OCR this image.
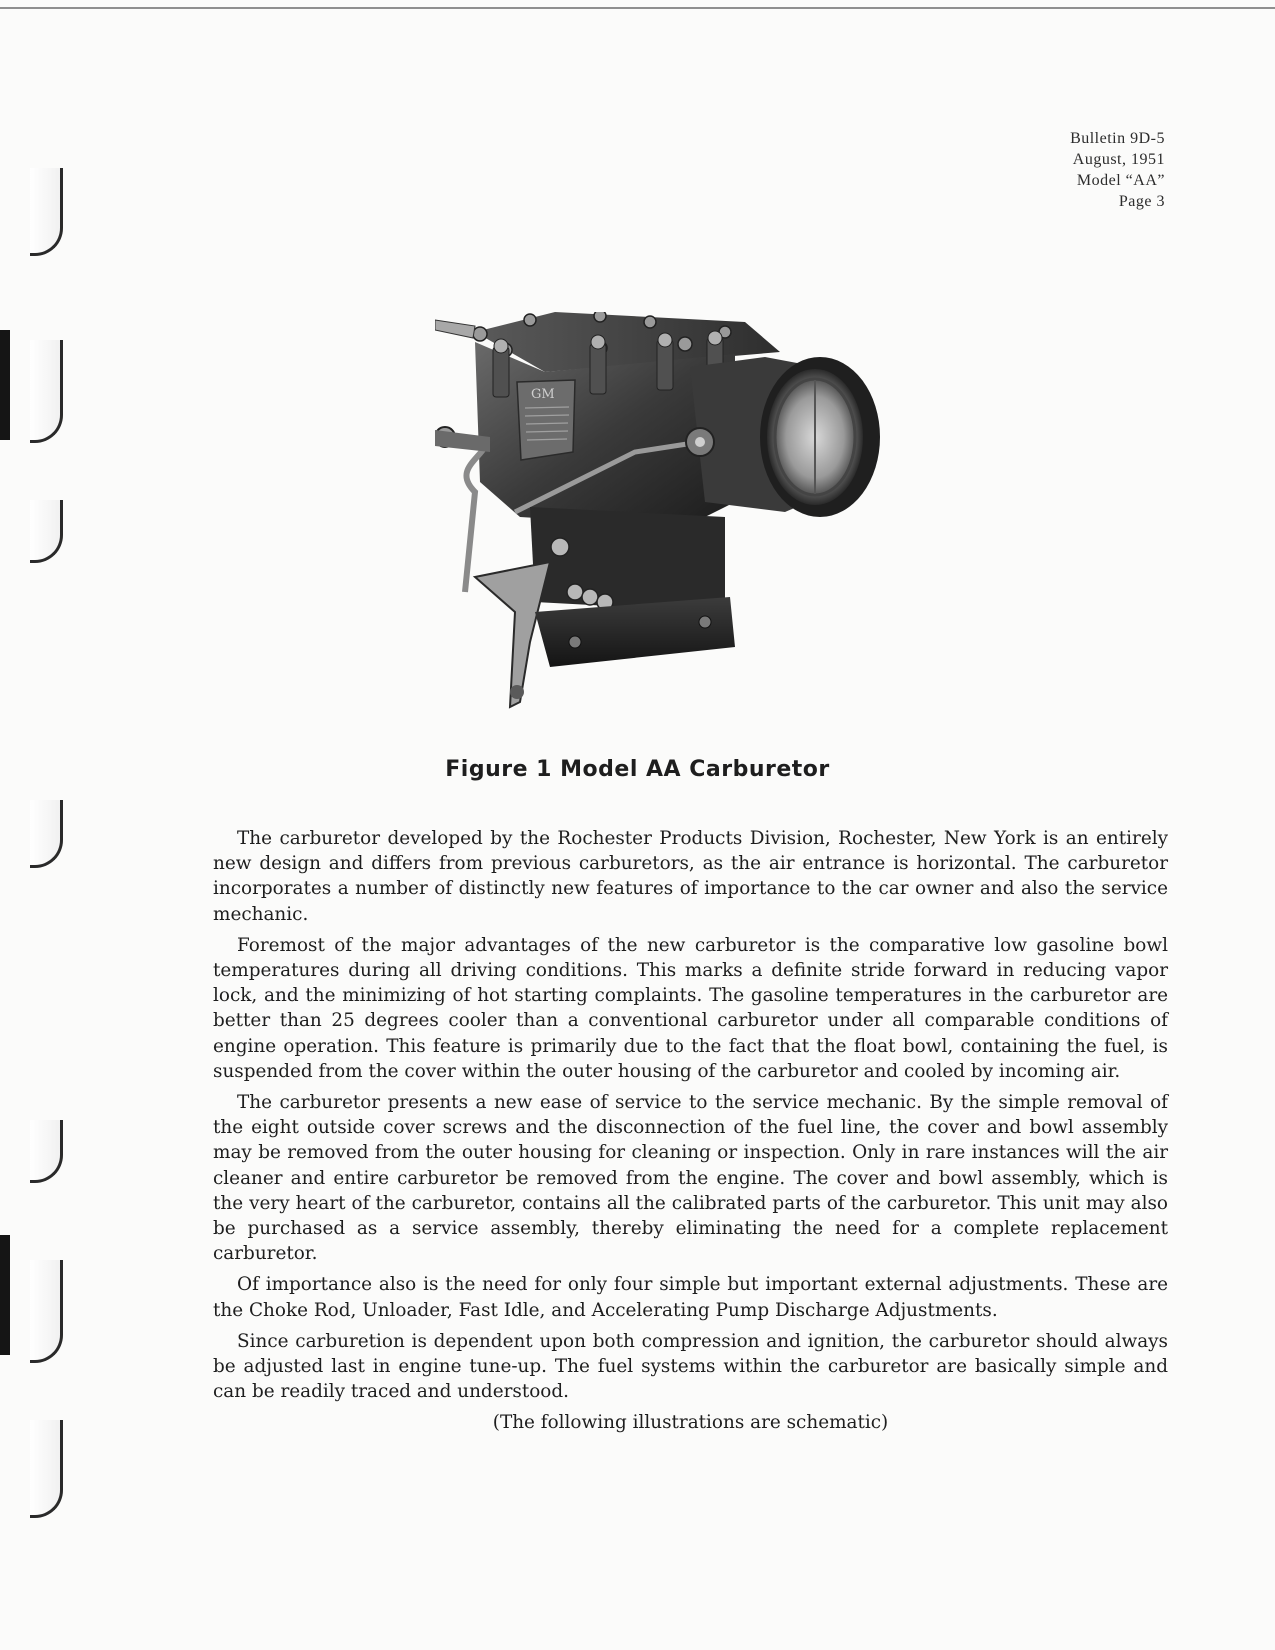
Bulletin 9D-5
August, 1951
Model “AA”
Page 3
GM
Figure 1 Model AA Carburetor

The carburetor developed by the Rochester Products Division, Rochester, New York is an entirely new design and differs from previous carburetors, as the air entrance is horizontal. The carburetor incorporates a number of distinctly new features of importance to the car owner and also the service mechanic.

Foremost of the major advantages of the new carburetor is the comparative low gasoline bowl temperatures during all driving conditions. This marks a definite stride forward in reducing vapor lock, and the minimizing of hot starting complaints. The gasoline temperatures in the carburetor are better than 25 degrees cooler than a conventional carburetor under all comparable conditions of engine operation. This feature is primarily due to the fact that the float bowl, containing the fuel, is suspended from the cover within the outer housing of the carburetor and cooled by incoming air.

The carburetor presents a new ease of service to the service mechanic. By the simple removal of the eight outside cover screws and the disconnection of the fuel line, the cover and bowl assembly may be removed from the outer housing for cleaning or inspection. Only in rare instances will the air cleaner and entire carburetor be removed from the engine. The cover and bowl assembly, which is the very heart of the carburetor, contains all the calibrated parts of the carburetor. This unit may also be purchased as a service assembly, thereby eliminating the need for a complete replacement carburetor.

Of importance also is the need for only four simple but important external adjustments. These are the Choke Rod, Unloader, Fast Idle, and Accelerating Pump Discharge Adjustments.

Since carburetion is dependent upon both compression and ignition, the carburetor should always be adjusted last in engine tune-up. The fuel systems within the carburetor are basically simple and can be readily traced and understood.

(The following illustrations are schematic)
